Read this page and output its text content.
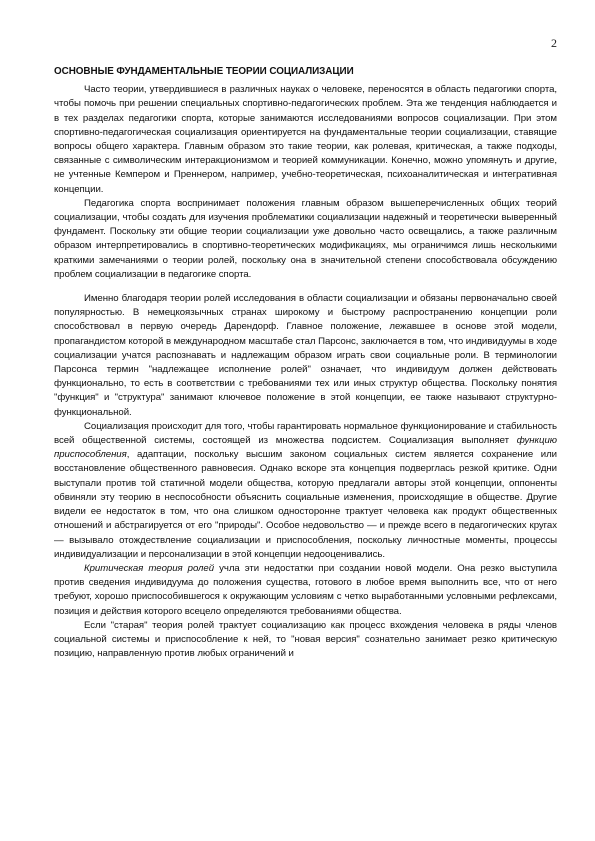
2
ОСНОВНЫЕ ФУНДАМЕНТАЛЬНЫЕ ТЕОРИИ СОЦИАЛИЗАЦИИ

Часто теории, утвердившиеся в различных науках о человеке, переносятся в область педагогики спорта, чтобы помочь при решении специальных спортивно-педагогических проблем. Эта же тенденция наблюдается и в тех разделах педагогики спорта, которые занимаются исследованиями вопросов социализации. При этом спортивно-педагогическая социализация ориентируется на фундаментальные теории социализации, ставящие вопросы общего характера. Главным образом это такие теории, как ролевая, критическая, а также подходы, связанные с символическим интеракционизмом и теорией коммуникации. Конечно, можно упомянуть и другие, не учтенные Кемпером и Преннером, например, учебно-теоретическая, психоаналитическая и интегративная концепции.

Педагогика спорта воспринимает положения главным образом вышеперечисленных общих теорий социализации, чтобы создать для изучения проблематики социализации надежный и теоретически выверенный фундамент. Поскольку эти общие теории социализации уже довольно часто освещались, а также различным образом интерпретировались в спортивно-теоретических модификациях, мы ограничимся лишь несколькими краткими замечаниями о теории ролей, поскольку она в значительной степени способствовала обсуждению проблем социализации в педагогике спорта.

Именно благодаря теории ролей исследования в области социализации и обязаны первоначально своей популярностью. В немецкоязычных странах широкому и быстрому распространению концепции роли способствовал в первую очередь Дарендорф. Главное положение, лежавшее в основе этой модели, пропагандистом которой в международном масштабе стал Парсонс, заключается в том, что индивидуумы в ходе социализации учатся распознавать и надлежащим образом играть свои социальные роли. В терминологии Парсонса термин "надлежащее исполнение ролей" означает, что индивидуум должен действовать функционально, то есть в соответствии с требованиями тех или иных структур общества. Поскольку понятия "функция" и "структура" занимают ключевое положение в этой концепции, ее также называют структурно-функциональной.

Социализация происходит для того, чтобы гарантировать нормальное функционирование и стабильность всей общественной системы, состоящей из множества подсистем. Социализация выполняет функцию приспособления, адаптации, поскольку высшим законом социальных систем является сохранение или восстановление общественного равновесия. Однако вскоре эта концепция подверглась резкой критике. Одни выступали против той статичной модели общества, которую предлагали авторы этой концепции, оппоненты обвиняли эту теорию в неспособности объяснить социальные изменения, происходящие в обществе. Другие видели ее недостаток в том, что она слишком односторонне трактует человека как продукт общественных отношений и абстрагируется от его "природы". Особое недовольство — и прежде всего в педагогических кругах — вызывало отождествление социализации и приспособления, поскольку личностные моменты, процессы индивидуализации и персонализации в этой концепции недооценивались.

Критическая теория ролей учла эти недостатки при создании новой модели. Она резко выступила против сведения индивидуума до положения существа, готового в любое время выполнить все, что от него требуют, хорошо приспособившегося к окружающим условиям с четко выработанными условными рефлексами, позиция и действия которого всецело определяются требованиями общества.

Если "старая" теория ролей трактует социализацию как процесс вхождения человека в ряды членов социальной системы и приспособление к ней, то "новая версия" сознательно занимает резко критическую позицию, направленную против любых ограничений и
